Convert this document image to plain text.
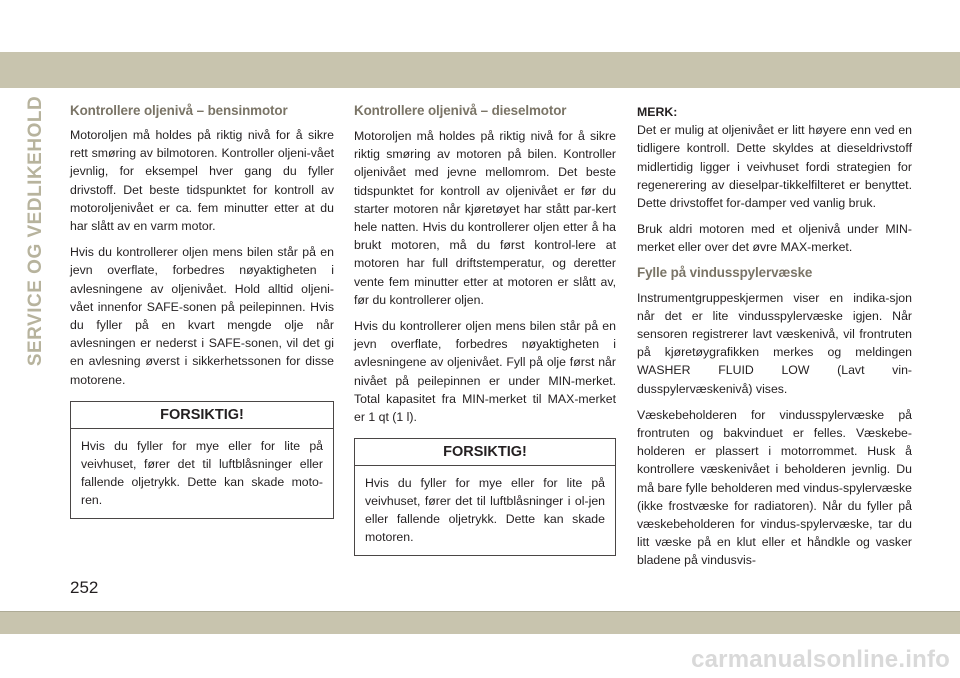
SERVICE OG VEDLIKEHOLD Kontrollere oljenivå – bensinmotor

Motoroljen må holdes på riktig nivå for å sikre rett smøring av bilmotoren. Kontroller oljeni-vået jevnlig, for eksempel hver gang du fyller drivstoff. Det beste tidspunktet for kontroll av motoroljenivået er ca. fem minutter etter at du har slått av en varm motor.

Hvis du kontrollerer oljen mens bilen står på en jevn overflate, forbedres nøyaktigheten i avlesningene av oljenivået. Hold alltid oljeni-vået innenfor SAFE-sonen på peilepinnen. Hvis du fyller på en kvart mengde olje når avlesningen er nederst i SAFE-sonen, vil det gi en avlesning øverst i sikkerhetssonen for disse motorene.

FORSIKTIG!
Hvis du fyller for mye eller for lite på veivhuset, fører det til luftblåsninger eller fallende oljetrykk. Dette kan skade moto-ren.
Kontrollere oljenivå – dieselmotor

Motoroljen må holdes på riktig nivå for å sikre riktig smøring av motoren på bilen. Kontroller oljenivået med jevne mellomrom. Det beste tidspunktet for kontroll av oljenivået er før du starter motoren når kjøretøyet har stått par-kert hele natten. Hvis du kontrollerer oljen etter å ha brukt motoren, må du først kontrol-lere at motoren har full driftstemperatur, og deretter vente fem minutter etter at motoren er slått av, før du kontrollerer oljen.

Hvis du kontrollerer oljen mens bilen står på en jevn overflate, forbedres nøyaktigheten i avlesningene av oljenivået. Fyll på olje først når nivået på peilepinnen er under MIN-merket. Total kapasitet fra MIN-merket til MAX-merket er 1 qt (1 l).

FORSIKTIG!
Hvis du fyller for mye eller for lite på veivhuset, fører det til luftblåsninger i ol-jen eller fallende oljetrykk. Dette kan skade motoren.
MERK:

Det er mulig at oljenivået er litt høyere enn ved en tidligere kontroll. Dette skyldes at dieseldrivstoff midlertidig ligger i veivhuset fordi strategien for regenerering av dieselpar-tikkelfilteret er benyttet. Dette drivstoffet for-damper ved vanlig bruk.

Bruk aldri motoren med et oljenivå under MIN-merket eller over det øvre MAX-merket.

Fylle på vindusspylervæske

Instrumentgruppeskjermen viser en indika-sjon når det er lite vindusspylervæske igjen. Når sensoren registrerer lavt væskenivå, vil frontruten på kjøretøygrafikken merkes og meldingen WASHER FLUID LOW (Lavt vin-dusspylervæskenivå) vises.

Væskebeholderen for vindusspylervæske på frontruten og bakvinduet er felles. Væskebe-holderen er plassert i motorrommet. Husk å kontrollere væskenivået i beholderen jevnlig. Du må bare fylle beholderen med vindus-spylervæske (ikke frostvæske for radiatoren). Når du fyller på væskebeholderen for vindus-spylervæske, tar du litt væske på en klut eller et håndkle og vasker bladene på vindusvis-

252
carmanualsonline.info
